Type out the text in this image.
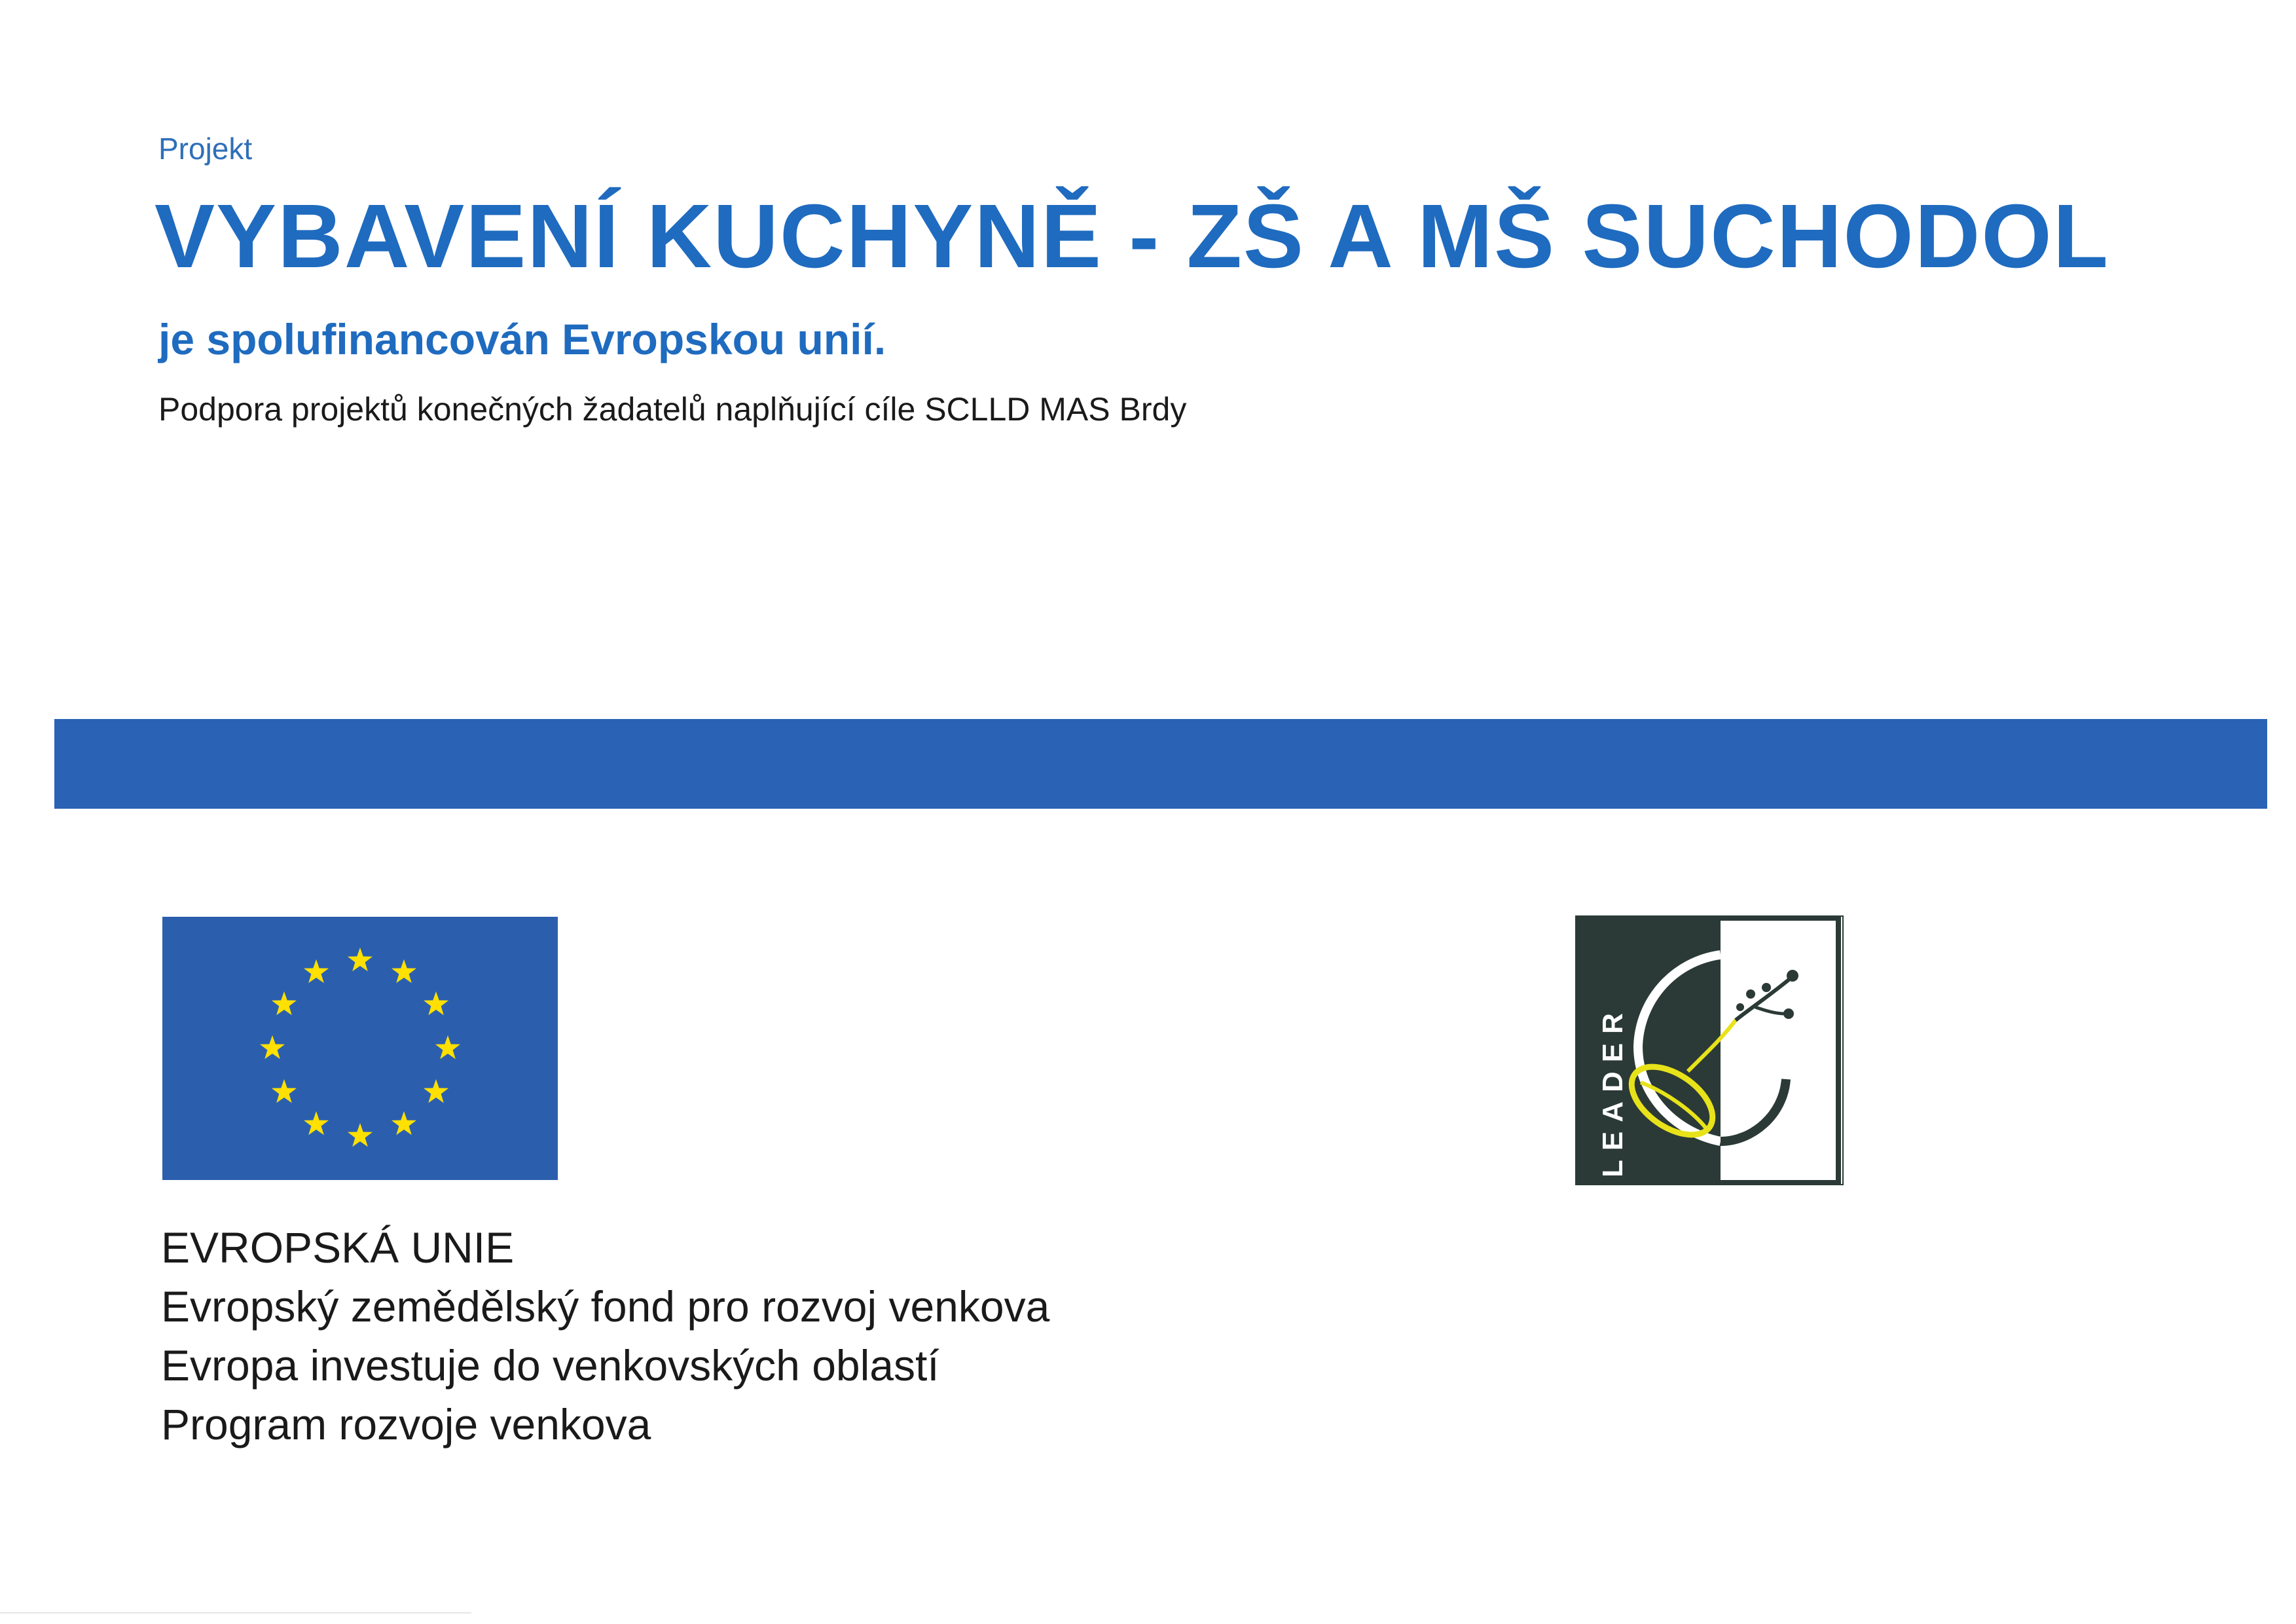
Projekt
VYBAVENÍ KUCHYNĚ - ZŠ A MŠ SUCHODOL
je spolufinancován Evropskou unií.
Podpora projektů konečných žadatelů naplňující cíle SCLLD MAS Brdy
EVROPSKÁ UNIE
Evropský zemědělský fond pro rozvoj venkova
Evropa investuje do venkovských oblastí
Program rozvoje venkova
LEADER
